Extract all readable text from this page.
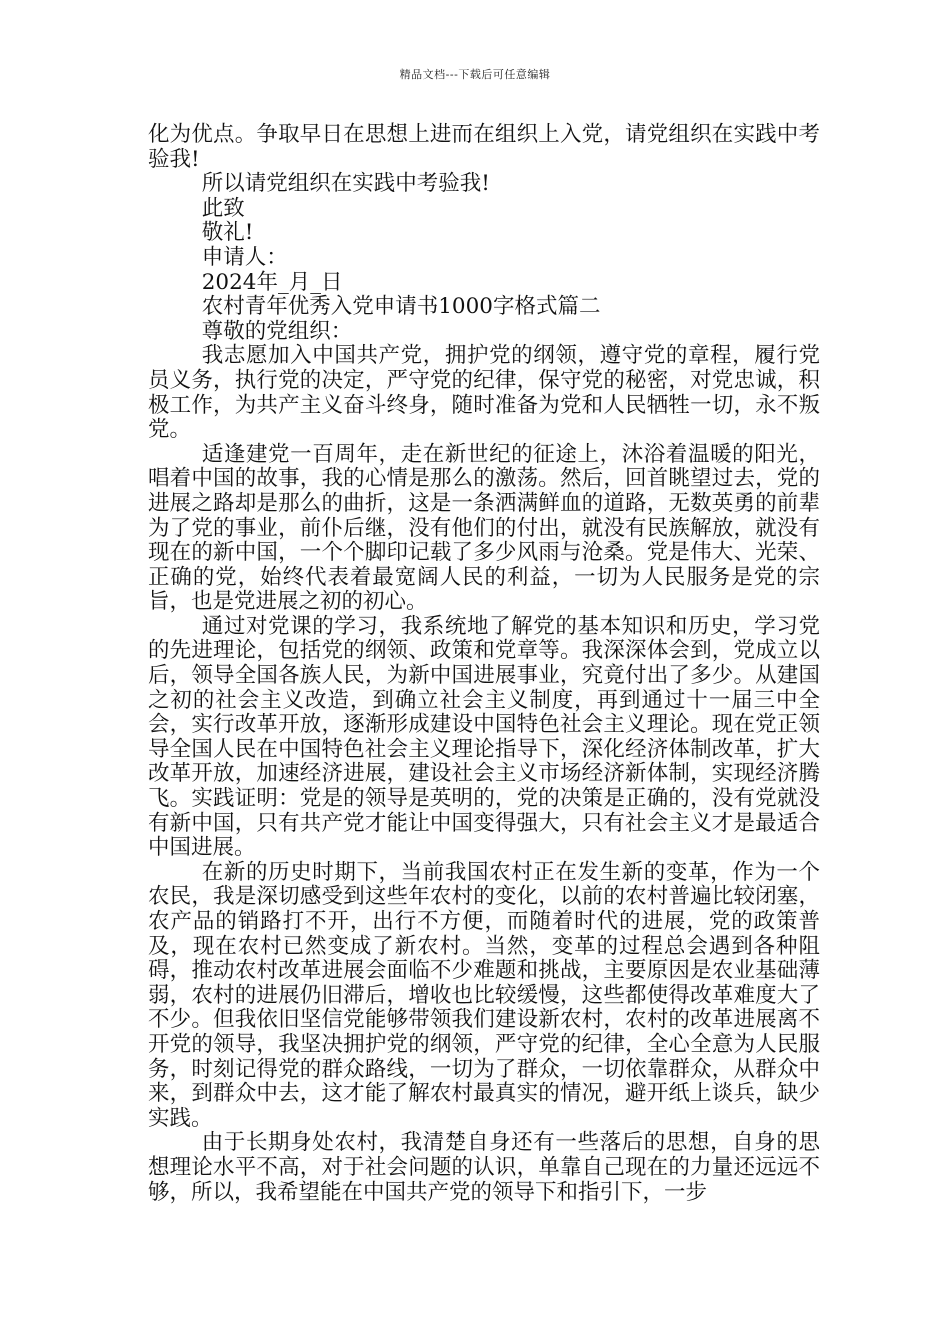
精品文档---下载后可任意编辑

化为优点。争取早日在思想上进而在组织上入党，请党组织在实践中考验我!

所以请党组织在实践中考验我!

此致

敬礼!

申请人：

2024年_月_日

农村青年优秀入党申请书1000字格式篇二

尊敬的党组织：

我志愿加入中国共产党，拥护党的纲领，遵守党的章程，履行党员义务，执行党的决定，严守党的纪律，保守党的秘密，对党忠诚，积极工作，为共产主义奋斗终身，随时准备为党和人民牺牲一切，永不叛党。

适逢建党一百周年，走在新世纪的征途上，沐浴着温暖的阳光，唱着中国的故事，我的心情是那么的激荡。然后，回首眺望过去，党的进展之路却是那么的曲折，这是一条洒满鲜血的道路，无数英勇的前辈为了党的事业，前仆后继，没有他们的付出，就没有民族解放，就没有现在的新中国，一个个脚印记载了多少风雨与沧桑。党是伟大、光荣、正确的党，始终代表着最宽阔人民的利益，一切为人民服务是党的宗旨，也是党进展之初的初心。

通过对党课的学习，我系统地了解党的基本知识和历史，学习党的先进理论，包括党的纲领、政策和党章等。我深深体会到，党成立以后，领导全国各族人民，为新中国进展事业，究竟付出了多少。从建国之初的社会主义改造，到确立社会主义制度，再到通过十一届三中全会，实行改革开放，逐渐形成建设中国特色社会主义理论。现在党正领导全国人民在中国特色社会主义理论指导下，深化经济体制改革，扩大改革开放，加速经济进展，建设社会主义市场经济新体制，实现经济腾飞。实践证明：党是的领导是英明的，党的决策是正确的，没有党就没有新中国，只有共产党才能让中国变得强大，只有社会主义才是最适合中国进展。

在新的历史时期下，当前我国农村正在发生新的变革，作为一个农民，我是深切感受到这些年农村的变化，以前的农村普遍比较闭塞，农产品的销路打不开，出行不方便，而随着时代的进展，党的政策普及，现在农村已然变成了新农村。当然，变革的过程总会遇到各种阻碍，推动农村改革进展会面临不少难题和挑战，主要原因是农业基础薄弱，农村的进展仍旧滞后，增收也比较缓慢，这些都使得改革难度大了不少。但我依旧坚信党能够带领我们建设新农村，农村的改革进展离不开党的领导，我坚决拥护党的纲领，严守党的纪律，全心全意为人民服务，时刻记得党的群众路线，一切为了群众，一切依靠群众，从群众中来，到群众中去，这才能了解农村最真实的情况，避开纸上谈兵，缺少实践。

由于长期身处农村，我清楚自身还有一些落后的思想，自身的思想理论水平不高，对于社会问题的认识，单靠自己现在的力量还远远不够，所以，我希望能在中国共产党的领导下和指引下，一步
